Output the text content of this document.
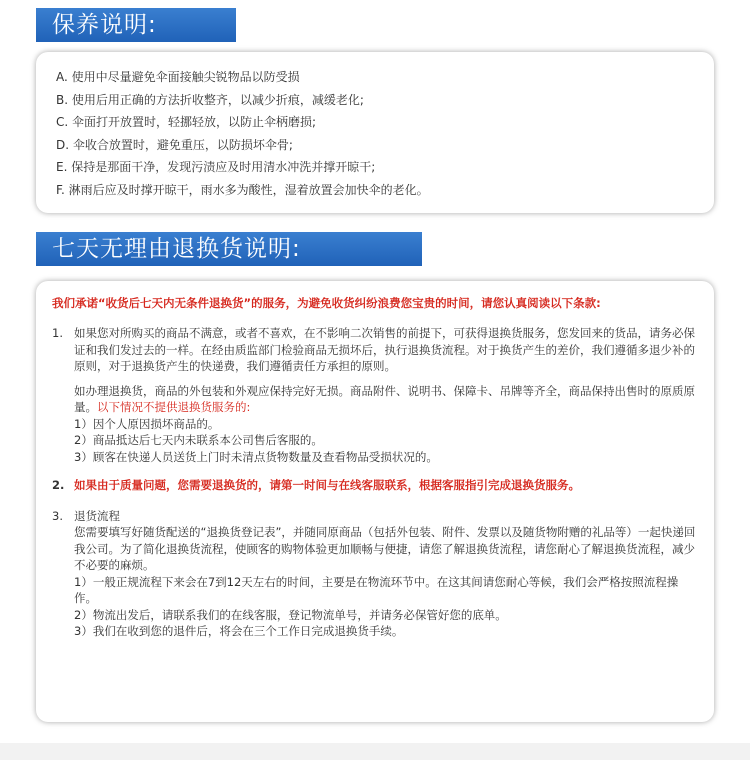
保养说明:
A. 使用中尽量避免伞面接触尖锐物品以防受损
B. 使用后用正确的方法折收整齐，以减少折痕，减缓老化;
C. 伞面打开放置时，轻挪轻放，以防止伞柄磨损;
D. 伞收合放置时，避免重压，以防损坏伞骨;
E. 保持是那面干净，发现污渍应及时用清水冲洗并撑开晾干;
F. 淋雨后应及时撑开晾干，雨水多为酸性，湿着放置会加快伞的老化。
七天无理由退换货说明:
我们承诺“收货后七天内无条件退换货”的服务，为避免收货纠纷浪费您宝贵的时间，请您认真阅读以下条款:
1. 如果您对所购买的商品不满意，或者不喜欢，在不影响二次销售的前提下，可获得退换货服务，您发回来的货品，请务必保证和我们发过去的一样。在经由质监部门检验商品无损坏后，执行退换货流程。对于换货产生的差价，我们遵循多退少补的原则，对于退换货产生的快递费，我们遵循责任方承担的原则。
如办理退换货，商品的外包装和外观应保持完好无损。商品附件、说明书、保障卡、吊牌等齐全，商品保持出售时的原质原量。以下情况不提供退换货服务的:
1）因个人原因损坏商品的。
2）商品抵达后七天内未联系本公司售后客服的。
3）顾客在快递人员送货上门时未清点货物数量及查看物品受损状况的。
2. 如果由于质量问题，您需要退换货的，请第一时间与在线客服联系，根据客服指引完成退换货服务。
3. 退货流程
您需要填写好随货配送的“退换货登记表”，并随同原商品（包括外包装、附件、发票以及随货物附赠的礼品等）一起快递回我公司。为了简化退换货流程，使顾客的购物体验更加顺畅与便捷，请您了解退换货流程，请您耐心了解退换货流程，减少不必要的麻烦。
1）一般正规流程下来会在7到12天左右的时间，主要是在物流环节中。在这其间请您耐心等候，我们会严格按照流程操作。
2）物流出发后，请联系我们的在线客服，登记物流单号，并请务必保管好您的底单。
3）我们在收到您的退件后，将会在三个工作日完成退换货手续。
